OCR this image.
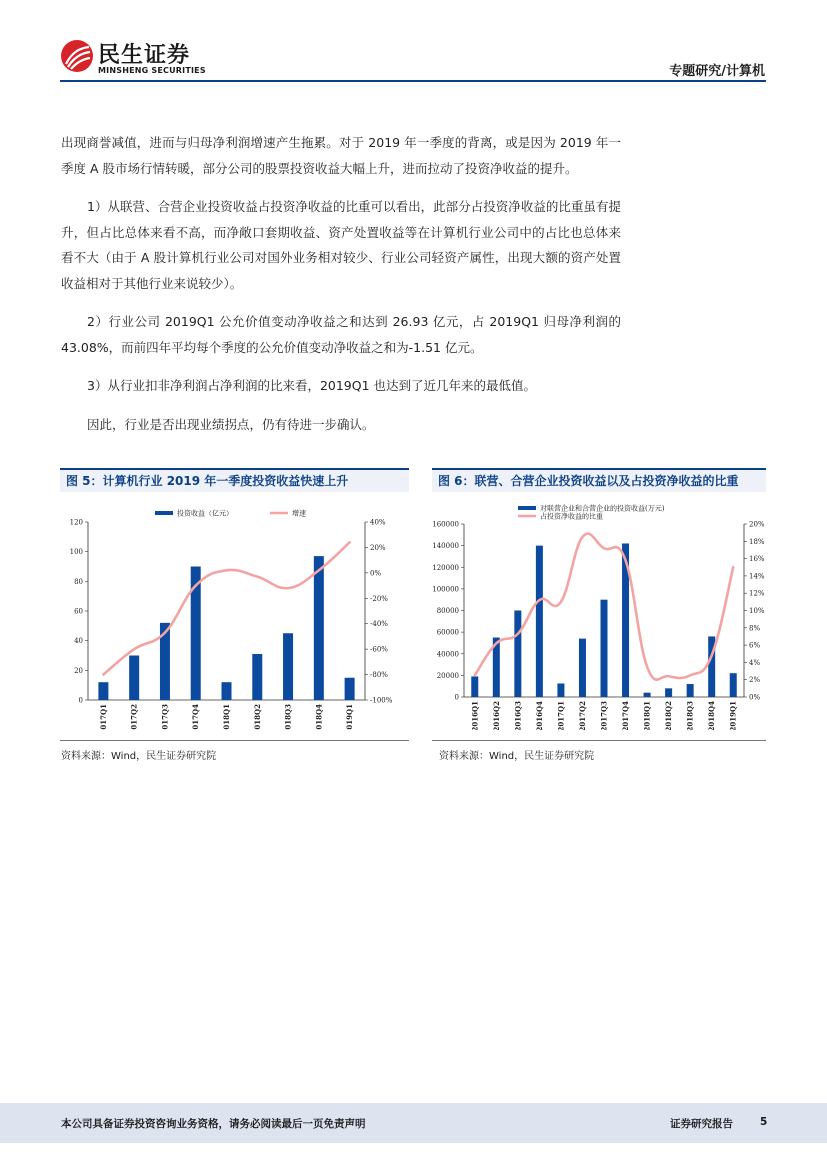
民生证券
MINSHENG SECURITIES	专题研究/计算机

出现商誉减值，进而与归母净利润增速产生拖累。对于 2019 年一季度的背离，或是因为 2019 年一季度 A 股市场行情转暖，部分公司的股票投资收益大幅上升，进而拉动了投资净收益的提升。

1）从联营、合营企业投资收益占投资净收益的比重可以看出，此部分占投资净收益的比重虽有提升，但占比总体来看不高，而净敞口套期收益、资产处置收益等在计算机行业公司中的占比也总体来看不大（由于 A 股计算机行业公司对国外业务相对较少、行业公司轻资产属性，出现大额的资产处置收益相对于其他行业来说较少）。

2）行业公司 2019Q1 公允价值变动净收益之和达到 26.93 亿元，占 2019Q1 归母净利润的 43.08%，而前四年平均每个季度的公允价值变动净收益之和为-1.51 亿元。

3）从行业扣非净利润占净利润的比来看，2019Q1 也达到了近几年来的最低值。

因此，行业是否出现业绩拐点，仍有待进一步确认。

图 5：计算机行业 2019 年一季度投资收益快速上升	图 6：联营、合营企业投资收益以及占投资净收益的比重
0
20
40
60
80
100
120
-100%
-80%
-60%
-40%
-20%
0%
20%
40%
2017Q1	2017Q2	2017Q3	2017Q4	2018Q1	2018Q2	2018Q3	2018Q4	2019Q1
投资收益（亿元）	增速
0
20000
40000
60000
80000
100000
120000
140000
160000
0%
2%
4%
6%
8%
10%
12%
14%
16%
18%
20%
2016Q1 2016Q2 2016Q3 2016Q4 2017Q1 2017Q2 2017Q3 2017Q4 2018Q1 2018Q2 2018Q3 2018Q4 2019Q1
对联营企业和合营企业的投资收益(万元)
占投资净收益的比重
资料来源：Wind，民生证券研究院	资料来源：Wind，民生证券研究院
本公司具备证券投资咨询业务资格，请务必阅读最后一页免责声明	证券研究报告	5
